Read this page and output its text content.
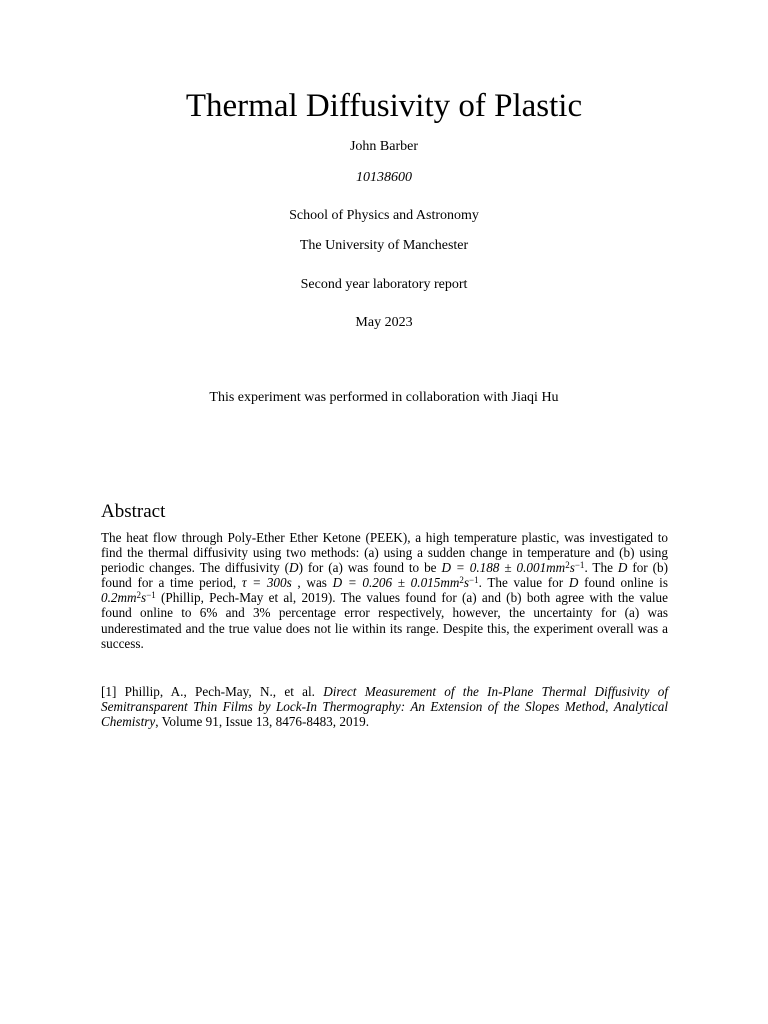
Thermal Diffusivity of Plastic
John Barber
10138600
School of Physics and Astronomy
The University of Manchester
Second year laboratory report
May 2023
This experiment was performed in collaboration with Jiaqi Hu
Abstract

The heat flow through Poly-Ether Ether Ketone (PEEK), a high temperature plastic, was investigated to find the thermal diffusivity using two methods: (a) using a sudden change in temperature and (b) using periodic changes. The diffusivity (D) for (a) was found to be $D = 0.188 \pm 0.001mm^2s^{-1}$. The D for (b) found for a time period, τ = 300s , was $D = 0.206 \pm 0.015mm^2s^{-1}$. The value for D found online is $0.2mm^2s^{-1}$ (Phillip, Pech-May et al, 2019). The values found for (a) and (b) both agree with the value found online to 6% and 3% percentage error respectively, however, the uncertainty for (a) was underestimated and the true value does not lie within its range. Despite this, the experiment overall was a success.

[1] Phillip, A., Pech-May, N., et al. Direct Measurement of the In-Plane Thermal Diffusivity of Semitransparent Thin Films by Lock-In Thermography: An Extension of the Slopes Method, Analytical Chemistry, Volume 91, Issue 13, 8476-8483, 2019.
